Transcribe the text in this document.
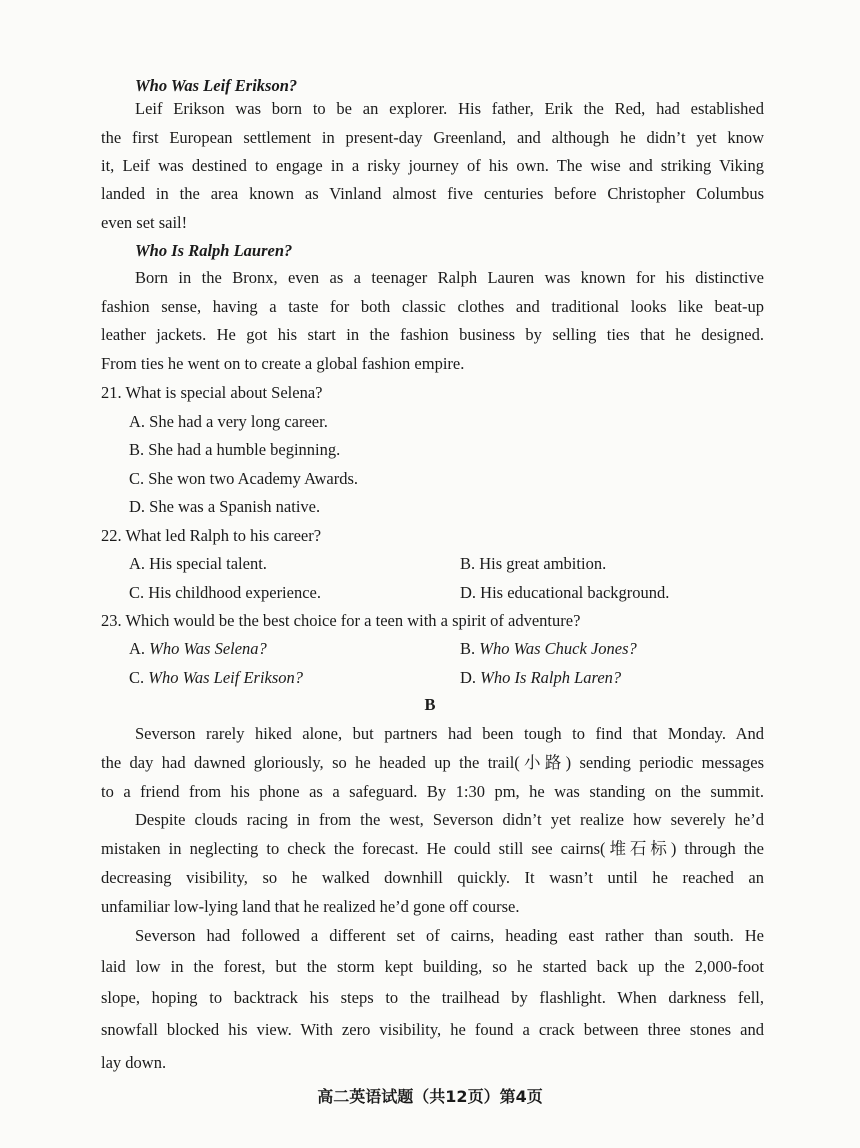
Who Was Leif Erikson?
Leif Erikson was born to be an explorer. His father, Erik the Red, had established
the first European settlement in present-day Greenland, and although he didn’t yet know
it, Leif was destined to engage in a risky journey of his own. The wise and striking Viking
landed in the area known as Vinland almost five centuries before Christopher Columbus
even set sail!
Who Is Ralph Lauren?
Born in the Bronx, even as a teenager Ralph Lauren was known for his distinctive
fashion sense, having a taste for both classic clothes and traditional looks like beat-up
leather jackets. He got his start in the fashion business by selling ties that he designed.
From ties he went on to create a global fashion empire.
21. What is special about Selena?
A. She had a very long career.
B. She had a humble beginning.
C. She won two Academy Awards.
D. She was a Spanish native.
22. What led Ralph to his career?
A. His special talent.	B. His great ambition.
C. His childhood experience.	D. His educational background.
23. Which would be the best choice for a teen with a spirit of adventure?
A. Who Was Selena?	B. Who Was Chuck Jones?
C. Who Was Leif Erikson?	D. Who Is Ralph Laren?
B
Severson rarely hiked alone, but partners had been tough to find that Monday. And
the day had dawned gloriously, so he headed up the trail(小路) sending periodic messages
to a friend from his phone as a safeguard. By 1:30 pm, he was standing on the summit.
Despite clouds racing in from the west, Severson didn’t yet realize how severely he’d
mistaken in neglecting to check the forecast. He could still see cairns(堆石标) through the
decreasing visibility, so he walked downhill quickly. It wasn’t until he reached an
unfamiliar low-lying land that he realized he’d gone off course.
Severson had followed a different set of cairns, heading east rather than south. He
laid low in the forest, but the storm kept building, so he started back up the 2,000-foot
slope, hoping to backtrack his steps to the trailhead by flashlight. When darkness fell,
snowfall blocked his view. With zero visibility, he found a crack between three stones and
lay down.
高二英语试题（共12页）第4页
